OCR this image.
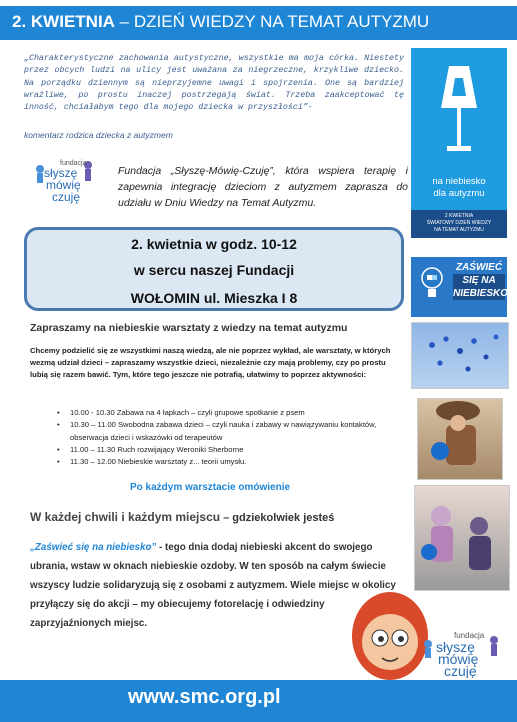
2. KWIETNIA – DZIEŃ WIEDZY NA TEMAT AUTYZMU
„Charakterystyczne zachowania autystyczne, wszystkie ma moja córka. Niestety przez obcych ludzi na ulicy jest uważana za niegrzeczne, krzykliwe dziecko. Na porządku dziennym są nieprzyjemne uwagi i spojrzenia. One są bardziej wrażliwe, po prostu inaczej postrzegają świat. Trzeba zaakceptować tę inność, chciałabym tego dla mojego dziecka w przyszłości”-
komentarz rodzica dziecka z autyzmem
fundacja
słyszę
mówię
czuję
Fundacja „Słyszę-Mówię-Czuję”, która wspiera terapię i zapewnia integrację dzieciom z autyzmem zaprasza do udziału w Dniu Wiedzy na Temat Autyzmu.
2. kwietnia w godz. 10-12
w sercu naszej Fundacji
WOŁOMIN ul. Mieszka I 8
na niebiesko
dla autyzmu
2 KWIETNIA
ŚWIATOWY DZIEŃ WIEDZY
NA TEMAT AUTYZMU
ZAŚWIEĆ
SIĘ NA
NIEBIESKO
Zapraszamy na niebieskie warsztaty z wiedzy na temat autyzmu
Chcemy podzielić się ze wszystkimi naszą wiedzą, ale nie poprzez wykład, ale warsztaty, w których wezmą udział dzieci – zapraszamy wszystkie dzieci, niezależnie czy mają problemy, czy po prostu lubią się razem bawić. Tym, które tego jeszcze nie potrafią, ułatwimy to poprzez aktywności:
• 10.00 - 10.30 Zabawa na 4 łapkach – czyli grupowe spotkanie z psem
• 10.30 – 11.00 Swobodna zabawa dzieci – czyli nauka i zabawy w nawiązywaniu kontaktów, obserwacja dzieci i wskazówki od terapeutów
• 11.00 – 11.30 Ruch rozwijający Weroniki Sherborne
• 11.30 – 12.00 Niebieskie warsztaty z... teorii umysłu.
Po każdym warsztacie omówienie
W każdej chwili i każdym miejscu – gdziekolwiek jesteś
„Zaświeć się na niebiesko” - tego dnia dodaj niebieski akcent do swojego ubrania, wstaw w oknach niebieskie ozdoby. W ten sposób na całym świecie wszyscy ludzie solidaryzują się z osobami z autyzmem. Wiele miejsc w okolicy przyłączy się do akcji – my obiecujemy fotorelację i odwiedziny zaprzyjaźnionych miejsc.
fundacja
słyszę
mówię
czuję
www.smc.org.pl
